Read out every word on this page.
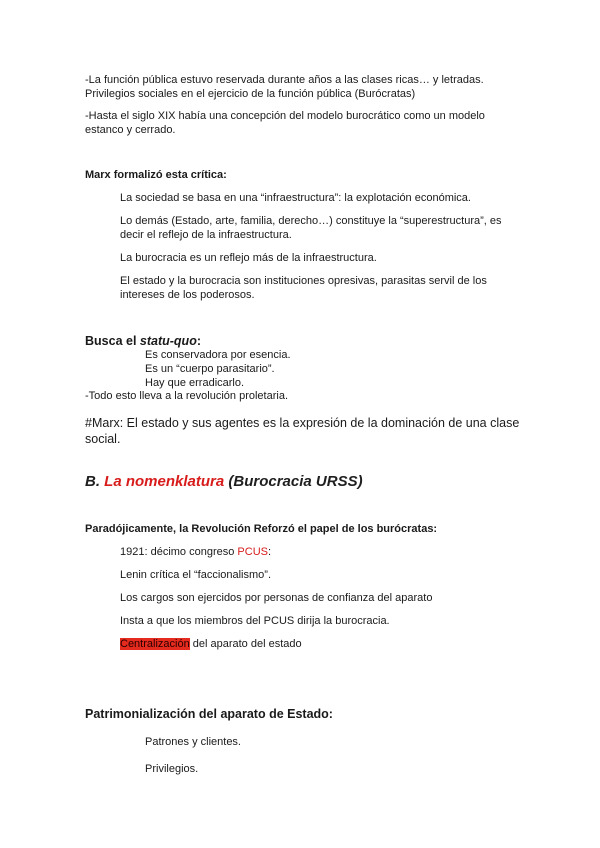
-La función pública estuvo reservada durante años a las clases ricas… y letradas.

Privilegios sociales en el ejercicio de la función pública (Burócratas)

-Hasta el siglo XIX había una concepción del modelo burocrático como un modelo

estanco y cerrado.

Marx formalizó esta crítica:

La sociedad se basa en una “infraestructura”: la explotación económica.

Lo demás (Estado, arte, familia, derecho…) constituye la “superestructura”, es

decir el reflejo de la infraestructura.

La burocracia es un reflejo más de la infraestructura.

El estado y la burocracia son instituciones opresivas, parasitas servil de los

intereses de los poderosos.

Busca el statu-quo:

Es conservadora por esencia.

Es un “cuerpo parasitario”.

Hay que erradicarlo.

-Todo esto lleva a la revolución proletaria.

#Marx: El estado y sus agentes es la expresión de la dominación de una clase

social.

B. La nomenklatura (Burocracia URSS)

Paradójicamente, la Revolución Reforzó el papel de los burócratas:

1921: décimo congreso PCUS:

Lenin crítica el “faccionalismo”.

Los cargos son ejercidos por personas de confianza del aparato

Insta a que los miembros del PCUS dirija la burocracia.

Centralización del aparato del estado

Patrimonialización del aparato de Estado:

Patrones y clientes.

Privilegios.
